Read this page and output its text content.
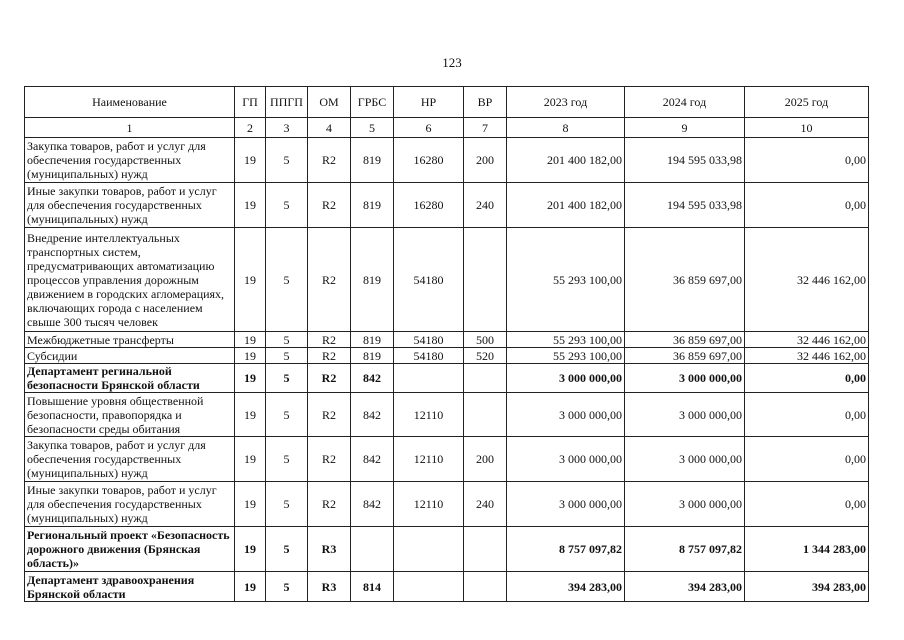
123
Наименование	ГП	ППГП	ОМ	ГРБС	НР	ВР	2023 год	2024 год	2025 год
1	2	3	4	5	6	7	8	9	10
Закупка товаров, работ и услуг для обеспечения государственных (муниципальных) нужд	19	5	R2	819	16280	200	201 400 182,00	194 595 033,98	0,00
Иные закупки товаров, работ и услуг для обеспечения государственных (муниципальных) нужд	19	5	R2	819	16280	240	201 400 182,00	194 595 033,98	0,00
Внедрение интеллектуальных транспортных систем, предусматривающих автоматизацию процессов управления дорожным движением в городских агломерациях, включающих города с населением свыше 300 тысяч человек	19	5	R2	819	54180		55 293 100,00	36 859 697,00	32 446 162,00
Межбюджетные трансферты	19	5	R2	819	54180	500	55 293 100,00	36 859 697,00	32 446 162,00
Субсидии	19	5	R2	819	54180	520	55 293 100,00	36 859 697,00	32 446 162,00
Департамент регинальной безопасности Брянской области	19	5	R2	842			3 000 000,00	3 000 000,00	0,00
Повышение уровня общественной безопасности, правопорядка и безопасности среды обитания	19	5	R2	842	12110		3 000 000,00	3 000 000,00	0,00
Закупка товаров, работ и услуг для обеспечения государственных (муниципальных) нужд	19	5	R2	842	12110	200	3 000 000,00	3 000 000,00	0,00
Иные закупки товаров, работ и услуг для обеспечения государственных (муниципальных) нужд	19	5	R2	842	12110	240	3 000 000,00	3 000 000,00	0,00
Региональный проект «Безопасность дорожного движения (Брянская область)»	19	5	R3				8 757 097,82	8 757 097,82	1 344 283,00
Департамент здравоохранения Брянской области	19	5	R3	814			394 283,00	394 283,00	394 283,00
